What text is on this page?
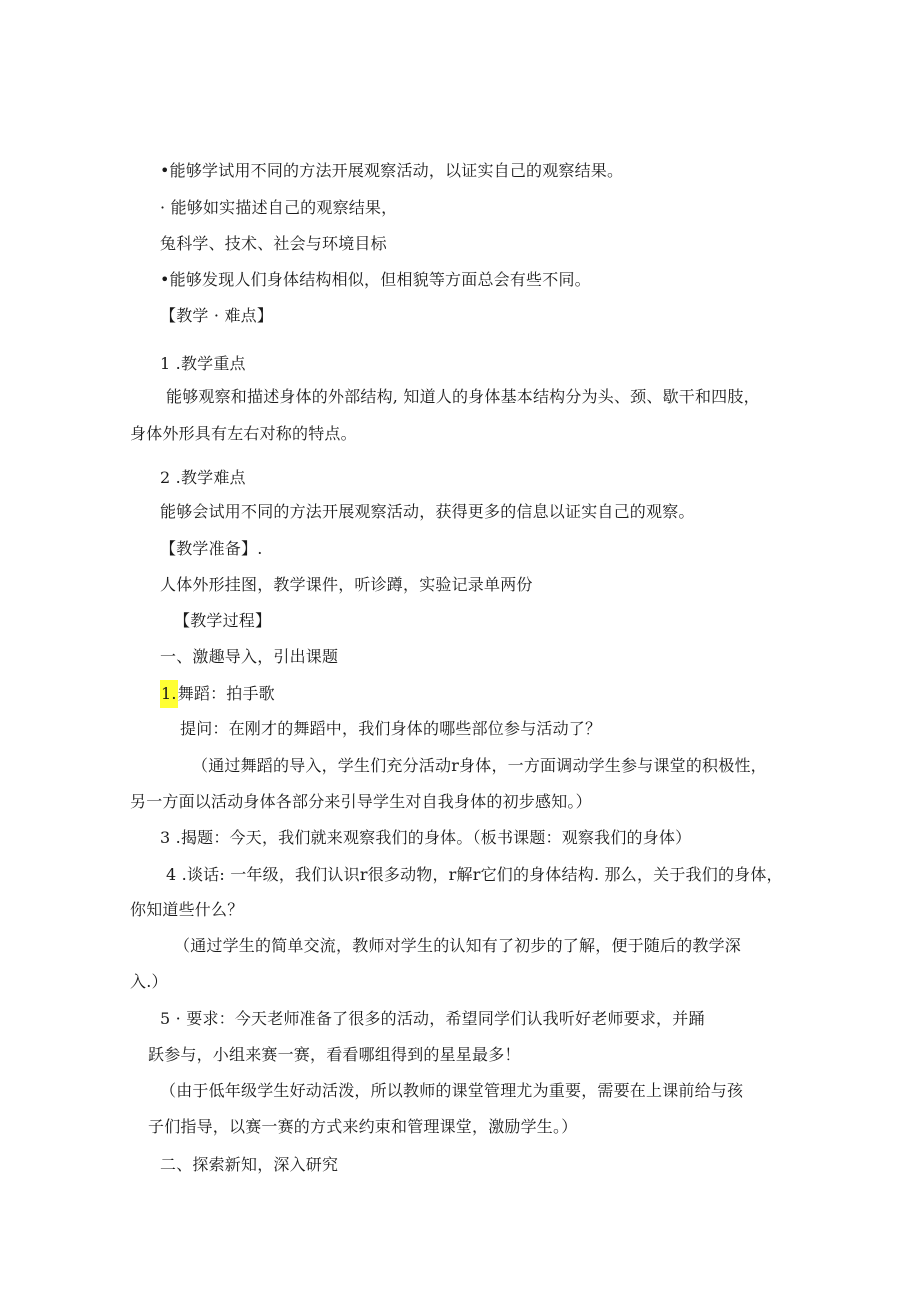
•能够学试用不同的方法开展观察活动，以证实自己的观察结果。
· 能够如实描述自己的观察结果，
兔科学、技术、社会与环境目标
•能够发现人们身体结构相似，但相貌等方面总会有些不同。
【教学 · 难点】
1 .教学重点
能够观察和描述身体的外部结构, 知道人的身体基本结构分为头、颈、歇干和四肢，
身体外形具有左右对称的特点。
2 .教学难点
能够会试用不同的方法开展观察活动，获得更多的信息以证实自己的观察。
【教学准备】.
人体外形挂图，教学课件，听诊蹲，实验记录单两份
【教学过程】
一、激趣导入，引出课题
1.舞蹈：拍手歌
提问：在刚才的舞蹈中，我们身体的哪些部位参与活动了？
（通过舞蹈的导入，学生们充分活动r身体，一方面调动学生参与课堂的积极性，
另一方面以活动身体各部分来引导学生对自我身体的初步感知。）
3 .揭题：今天，我们就来观察我们的身体。（板书课题：观察我们的身体）
4 .谈话: 一年级，我们认识r很多动物，r解r它们的身体结构. 那么，关于我们的身体，
你知道些什么？
（通过学生的简单交流，教师对学生的认知有了初步的了解，便于随后的教学深
入.）
5 · 要求：今天老师准备了很多的活动，希望同学们认我听好老师要求，并踊
跃参与，小组来赛一赛，看看哪组得到的星星最多！
（由于低年级学生好动活泼，所以教师的课堂管理尤为重要，需要在上课前给与孩
子们指导，以赛一赛的方式来约束和管理课堂，激励学生。）
二、探索新知，深入研究
